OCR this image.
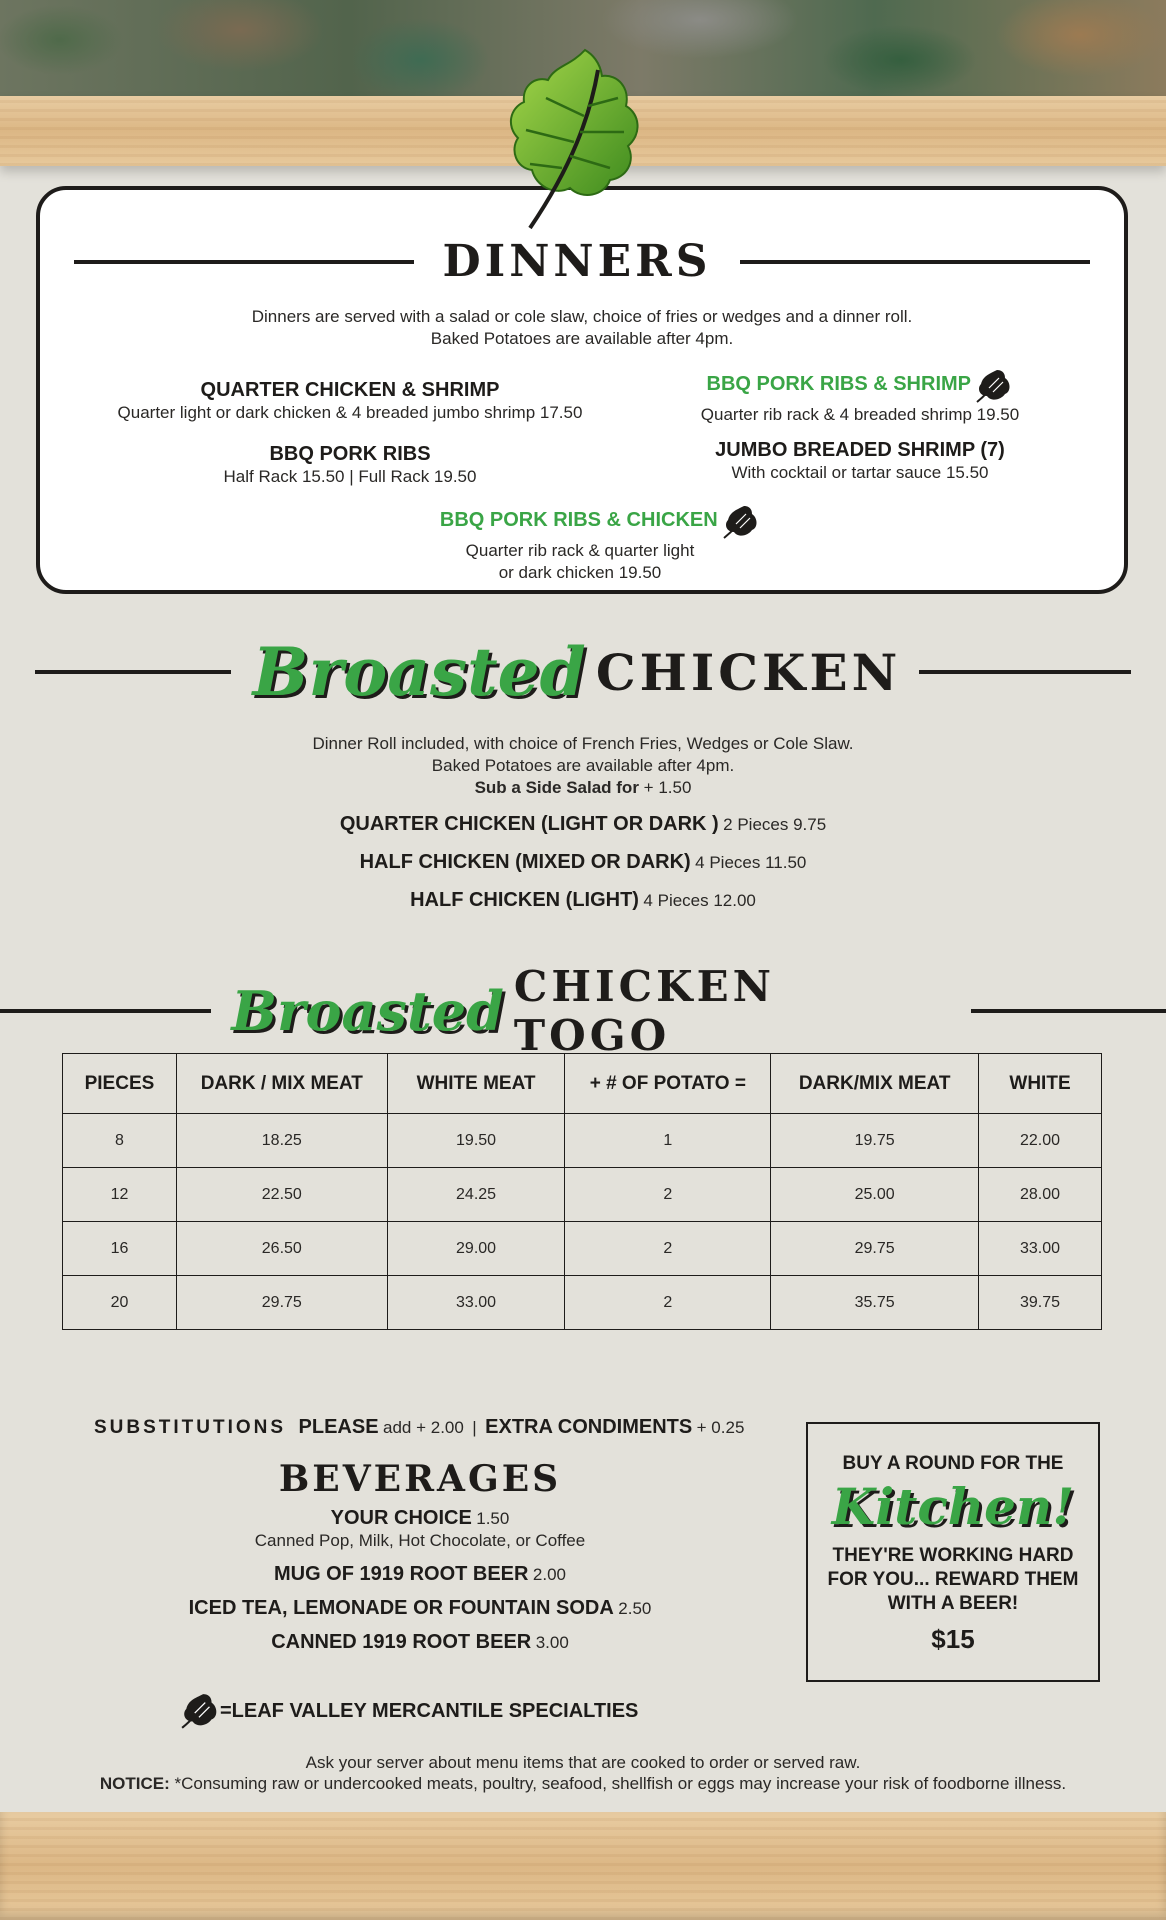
DINNERS
Dinners are served with a salad or cole slaw, choice of fries or wedges and a dinner roll.
Baked Potatoes are available after 4pm.
QUARTER CHICKEN & SHRIMP
Quarter light or dark chicken & 4 breaded jumbo shrimp 17.50
BBQ PORK RIBS & SHRIMP
Quarter rib rack & 4 breaded shrimp 19.50
BBQ PORK RIBS
Half Rack 15.50 | Full Rack 19.50
JUMBO BREADED SHRIMP (7)
With cocktail or tartar sauce 15.50
BBQ PORK RIBS & CHICKEN
Quarter rib rack & quarter light
or dark chicken 19.50
Broasted CHICKEN
Dinner Roll included, with choice of French Fries, Wedges or Cole Slaw.
Baked Potatoes are available after 4pm.
Sub a Side Salad for + 1.50
QUARTER CHICKEN (LIGHT OR DARK ) 2 Pieces 9.75
HALF CHICKEN (MIXED OR DARK) 4 Pieces 11.50
HALF CHICKEN (LIGHT) 4 Pieces 12.00
Broasted CHICKEN TOGO
PIECES	DARK / MIX MEAT	WHITE MEAT	+ # OF POTATO =	DARK/MIX MEAT	WHITE
8	18.25	19.50	1	19.75	22.00
12	22.50	24.25	2	25.00	28.00
16	26.50	29.00	2	29.75	33.00
20	29.75	33.00	2	35.75	39.75
SUBSTITUTIONS PLEASE add + 2.00 | EXTRA CONDIMENTS + 0.25
BEVERAGES
YOUR CHOICE 1.50
Canned Pop, Milk, Hot Chocolate, or Coffee
MUG OF 1919 ROOT BEER 2.00
ICED TEA, LEMONADE OR FOUNTAIN SODA 2.50
CANNED 1919 ROOT BEER 3.00
=LEAF VALLEY MERCANTILE SPECIALTIES
BUY A ROUND FOR THE
Kitchen!
THEY'RE WORKING HARD
FOR YOU... REWARD THEM
WITH A BEER!
$15
Ask your server about menu items that are cooked to order or served raw.
NOTICE: *Consuming raw or undercooked meats, poultry, seafood, shellfish or eggs may increase your risk of foodborne illness.
